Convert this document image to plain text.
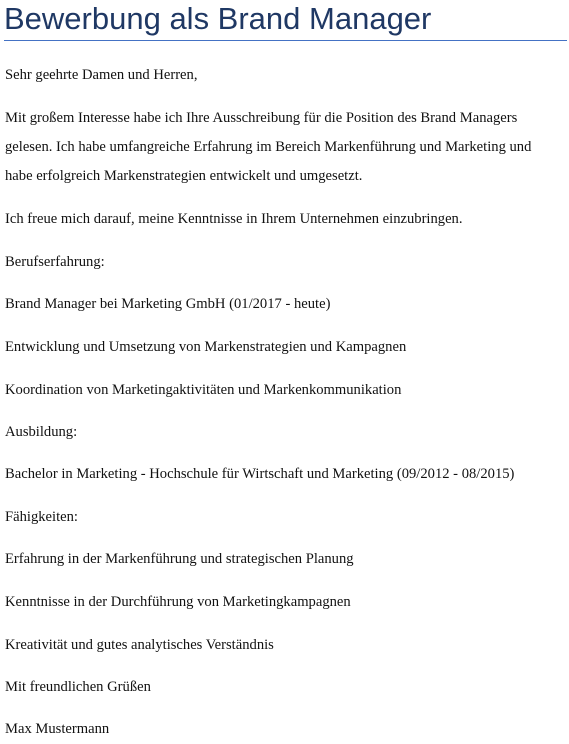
Bewerbung als Brand Manager

Sehr geehrte Damen und Herren,

Mit großem Interesse habe ich Ihre Ausschreibung für die Position des Brand Managers

gelesen. Ich habe umfangreiche Erfahrung im Bereich Markenführung und Marketing und

habe erfolgreich Markenstrategien entwickelt und umgesetzt.

Ich freue mich darauf, meine Kenntnisse in Ihrem Unternehmen einzubringen.

Berufserfahrung:

Brand Manager bei Marketing GmbH (01/2017 - heute)

Entwicklung und Umsetzung von Markenstrategien und Kampagnen

Koordination von Marketingaktivitäten und Markenkommunikation

Ausbildung:

Bachelor in Marketing - Hochschule für Wirtschaft und Marketing (09/2012 - 08/2015)

Fähigkeiten:

Erfahrung in der Markenführung und strategischen Planung

Kenntnisse in der Durchführung von Marketingkampagnen

Kreativität und gutes analytisches Verständnis

Mit freundlichen Grüßen

Max Mustermann
